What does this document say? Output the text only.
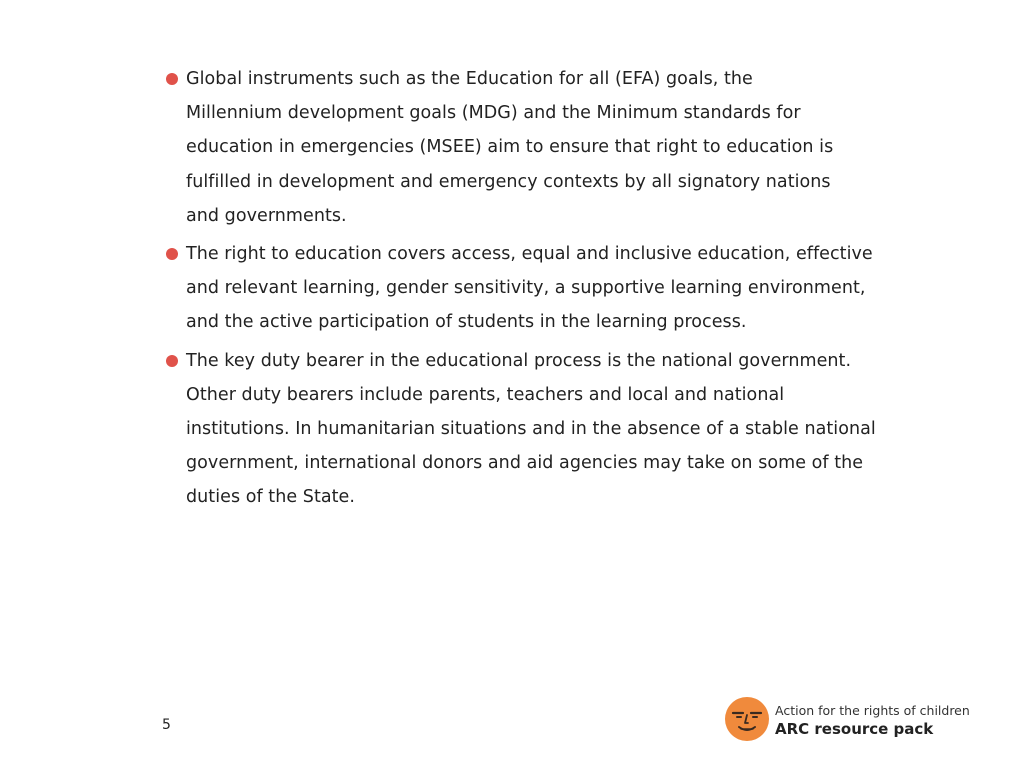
Global instruments such as the Education for all (EFA) goals, the
Millennium development goals (MDG) and the Minimum standards for
education in emergencies (MSEE) aim to ensure that right to education is
fulfilled in development and emergency contexts by all signatory nations
and governments.
The right to education covers access, equal and inclusive education, effective
and relevant learning, gender sensitivity, a supportive learning environment,
and the active participation of students in the learning process.
The key duty bearer in the educational process is the national government.
Other duty bearers include parents, teachers and local and national
institutions. In humanitarian situations and in the absence of a stable national
government, international donors and aid agencies may take on some of the
duties of the State.
5
Action for the rights of children
ARC resource pack
